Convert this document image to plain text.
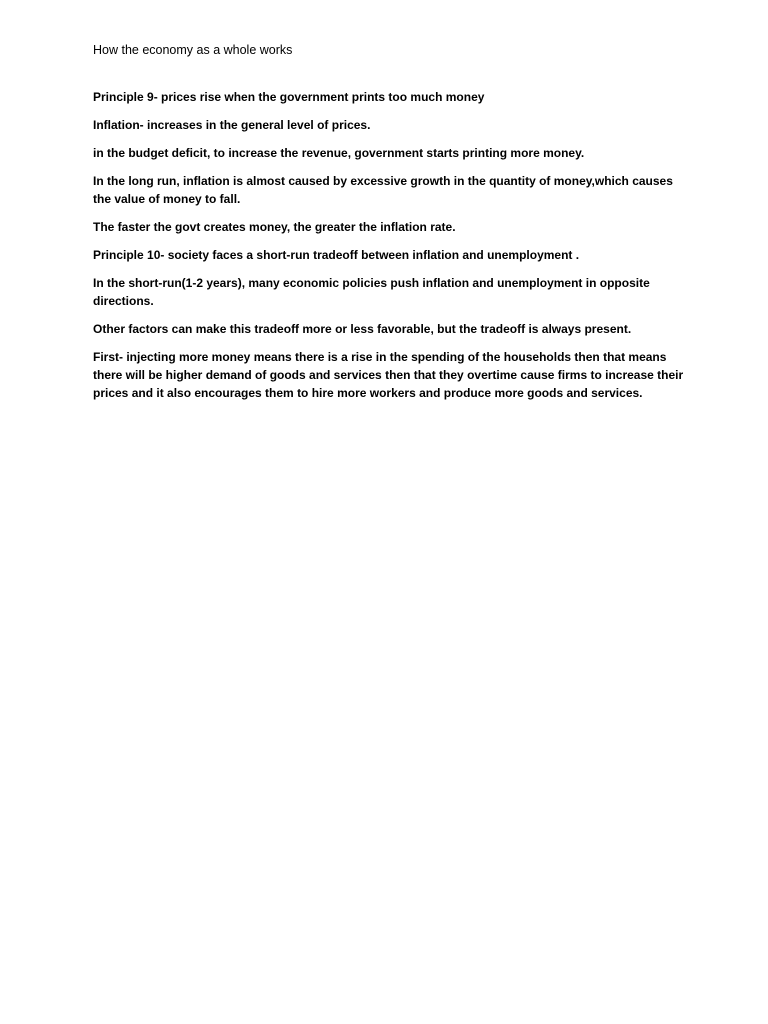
How the economy as a whole works

Principle 9- prices rise when the government prints too much money

Inflation- increases in the general level of prices.

in the budget deficit, to increase the revenue, government starts printing more money.

In the long run, inflation is almost caused by excessive growth in the quantity of money,which causes the value of money to fall.

The faster the govt creates money, the greater the inflation rate.

Principle 10- society faces a short-run tradeoff between inflation and unemployment .

In the short-run(1-2 years), many economic policies push inflation and unemployment in opposite directions.

Other factors can make this tradeoff more or less favorable, but the tradeoff is always present.

First- injecting more money means there is a rise in the spending of the households then that means there will be higher demand of goods and services then that they overtime cause firms to increase their prices and it also encourages them to hire more workers and produce more goods and services.
